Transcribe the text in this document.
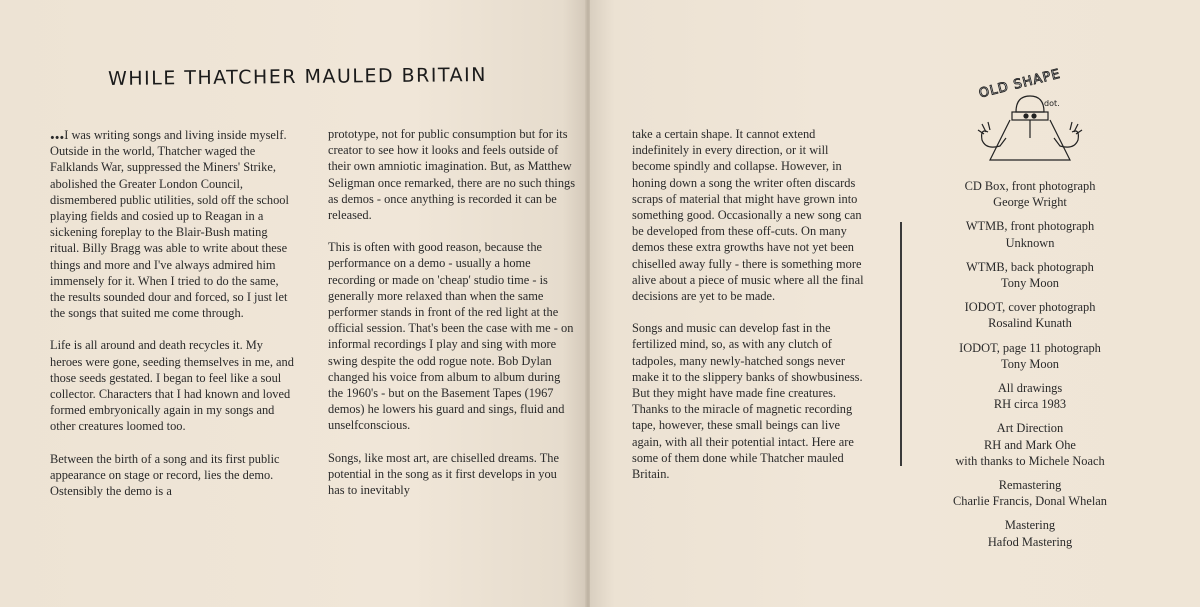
WHILE THATCHER MAULED BRITAIN

...I was writing songs and living inside myself. Outside in the world, Thatcher waged the Falklands War, suppressed the Miners' Strike, abolished the Greater London Council, dismembered public utilities, sold off the school playing fields and cosied up to Reagan in a sickening foreplay to the Blair-Bush mating ritual. Billy Bragg was able to write about these things and more and I've always admired him immensely for it. When I tried to do the same, the results sounded dour and forced, so I just let the songs that suited me come through.

Life is all around and death recycles it. My heroes were gone, seeding themselves in me, and those seeds gestated. I began to feel like a soul collector. Characters that I had known and loved formed embryonically again in my songs and other creatures loomed too.

Between the birth of a song and its first public appearance on stage or record, lies the demo. Ostensibly the demo is a

prototype, not for public consumption but for its creator to see how it looks and feels outside of their own amniotic imagination. But, as Matthew Seligman once remarked, there are no such things as demos - once anything is recorded it can be released.

This is often with good reason, because the performance on a demo - usually a home recording or made on 'cheap' studio time - is generally more relaxed than when the same performer stands in front of the red light at the official session. That's been the case with me - on informal recordings I play and sing with more swing despite the odd rogue note. Bob Dylan changed his voice from album to album during the 1960's - but on the Basement Tapes (1967 demos) he lowers his guard and sings, fluid and unselfconscious.

Songs, like most art, are chiselled dreams. The potential in the song as it first develops in you has to inevitably

take a certain shape. It cannot extend indefinitely in every direction, or it will become spindly and collapse. However, in honing down a song the writer often discards scraps of material that might have grown into something good. Occasionally a new song can be developed from these off-cuts. On many demos these extra growths have not yet been chiselled away fully - there is something more alive about a piece of music where all the final decisions are yet to be made.

Songs and music can develop fast in the fertilized mind, so, as with any clutch of tadpoles, many newly-hatched songs never make it to the slippery banks of showbusiness. But they might have made fine creatures. Thanks to the miracle of magnetic recording tape, however, these small beings can live again, with all their potential intact. Here are some of them done while Thatcher mauled Britain.

OLD SHAPE
dot.
CD Box, front photograph
George Wright
WTMB, front photograph
Unknown
WTMB, back photograph
Tony Moon
IODOT, cover photograph
Rosalind Kunath
IODOT, page 11 photograph
Tony Moon
All drawings
RH circa 1983
Art Direction
RH and Mark Ohe
with thanks to Michele Noach
Remastering
Charlie Francis, Donal Whelan
Mastering
Hafod Mastering
